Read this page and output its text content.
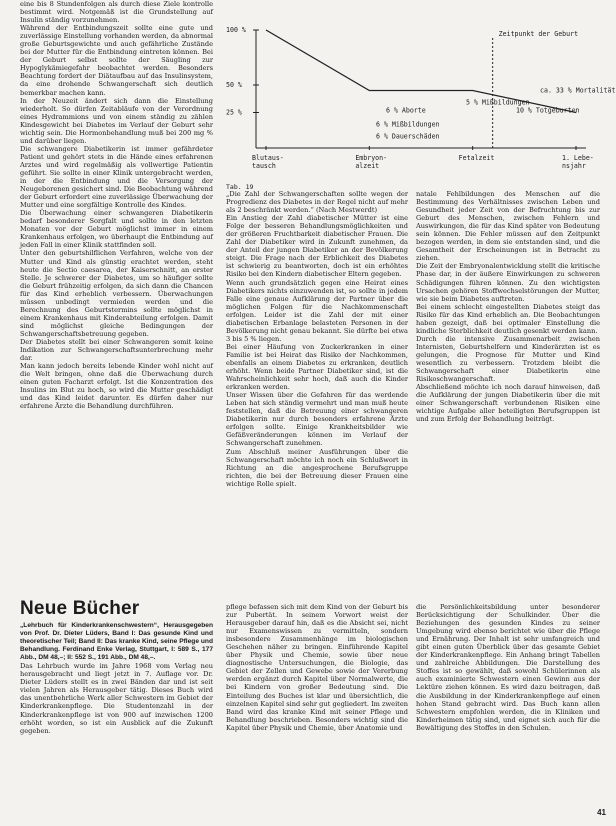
eine bis 8 Stundenfolgen als durch diese Ziele kontrolle bestimmt wird. Notgemäß ist die Grundstellung auf Insulin ständig vorzunehmen.

Während der Entbindungszeit sollte eine gute und zuverlässige Einstellung vorhanden werden, da abnormal große Geburtsgewichte und auch gefährliche Zustände bei der Mutter für die Entbindung eintreten können. Bei der Geburt selbst sollte der Säugling zur Hypoglykämiegefahr beobachtet werden. Besonders Beachtung fordert der Diätaufbau auf das Insulinsystem, da eine drohende Schwangerschaft sich deutlich bemerkbar machen kann.

In der Neuzeit ändert sich dann die Einstellung wiederholt. So dürfen Zeitabläufe von der Verordnung eines Hydrammions und von einem ständig zu zählen Kindesgewicht bei Diabetes im Verlauf der Geburt sehr wichtig sein. Die Hormonbehandlung muß bei 200 mg % und darüber liegen.

Die schwangere Diabetikerin ist immer gefährdeter Patient und gehört stets in die Hände eines erfahrenen Arztes und wird regelmäßig als vollwertige Patientin geführt. Sie sollte in einer Klinik untergebracht werden, in der die Entbindung und die Versorgung der Neugeborenen gesichert sind. Die Beobachtung während der Geburt erfordert eine zuverlässige Überwachung der Mutter und eine sorgfältige Kontrolle des Kindes.

Die Überwachung einer schwangeren Diabetikerin bedarf besonderer Sorgfalt und sollte in den letzten Monaten vor der Geburt möglichst immer in einem Krankenhaus erfolgen, wo überhaupt die Entbindung auf jeden Fall in einer Klinik stattfinden soll.

Unter den geburtshilflichen Verfahren, welche von der Mutter und Kind als günstig erachtet werden, steht heute die Sectio caesarea, der Kaiserschnitt, an erster Stelle. Je schwerer der Diabetes, um so häufiger sollte die Geburt frühzeitig erfolgen, da sich dann die Chancen für das Kind erheblich verbessern. Überwachungen müssen unbedingt vermieden werden und die Berechnung des Geburtstermins sollte möglichst in einem Krankenhaus mit Kinderabteilung erfolgen. Damit sind möglichst gleiche Bedingungen der Schwangerschaftsbetreuung gegeben.

Der Diabetes stellt bei einer Schwangeren somit keine Indikation zur Schwangerschaftsunterbrechung mehr dar.

Man kann jedoch bereits lebende Kinder wohl nicht auf die Welt bringen, ohne daß die Überwachung durch einen guten Facharzt erfolgt. Ist die Konzentration des Insulins im Blut zu hoch, so wird die Mutter geschädigt und das Kind leidet darunter. Es dürfen daher nur erfahrene Ärzte die Behandlung durchführen.

100 %
50 %
25 %
Blutaus-
tausch
Embryon-
alzeit
Fetalzeit	1. Lebe-
nsjahr
Zeitpunkt der Geburt
5 % Mißbildungen
6 % Aborte	10 % Totgeburten
ca. 33 % Mortalität
6 % Mißbildungen
6 % Dauerschäden
Tab. 19

„Die Zahl der Schwangerschaften sollte wegen der Progredienz des Diabetes in der Regel nicht auf mehr als 2 beschränkt werden.“ (Nach Mestwerdt)

Ein Anstieg der Zahl diabetischer Mütter ist eine Folge der besseren Behandlungsmöglichkeiten und der größeren Fruchtbarkeit diabetischer Frauen. Die Zahl der Diabetiker wird in Zukunft zunehmen, da der Anteil der jungen Diabetiker an der Bevölkerung steigt. Die Frage nach der Erblichkeit des Diabetes ist schwierig zu beantworten, doch ist ein erhöhtes Risiko bei den Kindern diabetischer Eltern gegeben.

Wenn auch grundsätzlich gegen eine Heirat eines Diabetikers nichts einzuwenden ist, so sollte in jedem Falle eine genaue Aufklärung der Partner über die möglichen Folgen für die Nachkommenschaft erfolgen. Leider ist die Zahl der mit einer diabetischen Erbanlage belasteten Personen in der Bevölkerung nicht genau bekannt. Sie dürfte bei etwa 3 bis 5 % liegen.

Bei einer Häufung von Zuckerkranken in einer Familie ist bei Heirat das Risiko der Nachkommen, ebenfalls an einem Diabetes zu erkranken, deutlich erhöht. Wenn beide Partner Diabetiker sind, ist die Wahrscheinlichkeit sehr hoch, daß auch die Kinder erkranken werden.

Unser Wissen über die Gefahren für das werdende Leben hat sich ständig vermehrt und man muß heute feststellen, daß die Betreuung einer schwangeren Diabetikerin nur durch besonders erfahrene Ärzte erfolgen sollte. Einige Krankheitsbilder wie Gefäßveränderungen können im Verlauf der Schwangerschaft zunehmen.

Zum Abschluß meiner Ausführungen über die Schwangerschaft möchte ich noch ein Schlußwort in Richtung an die angesprochene Berufsgruppe richten, die bei der Betreuung dieser Frauen eine wichtige Rolle spielt.

natale Fehlbildungen des Menschen auf die Bestimmung des Verhältnisses zwischen Leben und Gesundheit jeder Zeit von der Befruchtung bis zur Geburt des Menschen, zwischen Fehlern und Auswirkungen, die für das Kind später von Bedeutung sein können. Die Fehler müssen auf den Zeitpunkt bezogen werden, in dem sie entstanden sind, und die Gesamtheit der Erscheinungen ist in Betracht zu ziehen.

Die Zeit der Embryonalentwicklung stellt die kritische Phase dar, in der äußere Einwirkungen zu schweren Schädigungen führen können. Zu den wichtigsten Ursachen gehören Stoffwechselstörungen der Mutter, wie sie beim Diabetes auftreten.

Bei einem schlecht eingestellten Diabetes steigt das Risiko für das Kind erheblich an. Die Beobachtungen haben gezeigt, daß bei optimaler Einstellung die kindliche Sterblichkeit deutlich gesenkt werden kann.

Durch die intensive Zusammenarbeit zwischen Internisten, Geburtshelfern und Kinderärzten ist es gelungen, die Prognose für Mutter und Kind wesentlich zu verbessern. Trotzdem bleibt die Schwangerschaft einer Diabetikerin eine Risikoschwangerschaft.

Abschließend möchte ich noch darauf hinweisen, daß die Aufklärung der jungen Diabetikerin über die mit einer Schwangerschaft verbundenen Risiken eine wichtige Aufgabe aller beteiligten Berufsgruppen ist und zum Erfolg der Behandlung beiträgt.

Neue Bücher

„Lehrbuch für Kinderkrankenschwestern“, Herausgegeben von Prof. Dr. Dieter Lüders, Band I: Das gesunde Kind und theoretischer Teil; Band II: Das kranke Kind, seine Pflege und Behandlung. Ferdinand Enke Verlag, Stuttgart, I: 589 S., 177 Abb., DM 48,–; II: 552 S., 191 Abb., DM 48,–.

Das Lehrbuch wurde im Jahre 1968 vom Verlag neu herausgebracht und liegt jetzt in 7. Auflage vor. Dr. Dieter Lüders stellt es in zwei Bänden dar und ist seit vielen Jahren als Herausgeber tätig. Dieses Buch wird das unentbehrliche Werk aller Schwestern im Gebiet der Kinderkrankenpflege. Die Studentenzahl in der Kinderkrankenpflege ist von 900 auf inzwischen 1200 erhöht worden, so ist ein Ausblick auf die Zukunft gegeben.

pflege befassen sich mit dem Kind von der Geburt bis zur Pubertät. In seinem Vorwort weist der Herausgeber darauf hin, daß es die Absicht sei, nicht nur Examenswissen zu vermitteln, sondern insbesondere Zusammenhänge im biologischen Geschehen näher zu bringen. Einführende Kapitel über Physik und Chemie, sowie über neue diagnostische Untersuchungen, die Biologie, das Gebiet der Zellen und Gewebe sowie der Vererbung werden ergänzt durch Kapitel über Normalwerte, die bei Kindern von großer Bedeutung sind. Die Einteilung des Buches ist klar und übersichtlich, die einzelnen Kapitel sind sehr gut gegliedert. Im zweiten Band wird das kranke Kind mit seiner Pflege und Behandlung beschrieben. Besonders wichtig sind die Kapitel über Physik und Chemie, über Anatomie und

die Persönlichkeitsbildung unter besonderer Berücksichtigung der Schulkinder. Über die Beziehungen des gesunden Kindes zu seiner Umgebung wird ebenso berichtet wie über die Pflege und Ernährung. Der Inhalt ist sehr umfangreich und gibt einen guten Überblick über das gesamte Gebiet der Kinderkrankenpflege. Ein Anhang bringt Tabellen und zahlreiche Abbildungen. Die Darstellung des Stoffes ist so gewählt, daß sowohl Schülerinnen als auch examinierte Schwestern einen Gewinn aus der Lektüre ziehen können. Es wird dazu beitragen, daß die Ausbildung in der Kinderkrankenpflege auf einen hohen Stand gebracht wird. Das Buch kann allen Schwestern empfohlen werden, die in Kliniken und Kinderheimen tätig sind, und eignet sich auch für die Bewältigung des Stoffes in den Schulen.

41
